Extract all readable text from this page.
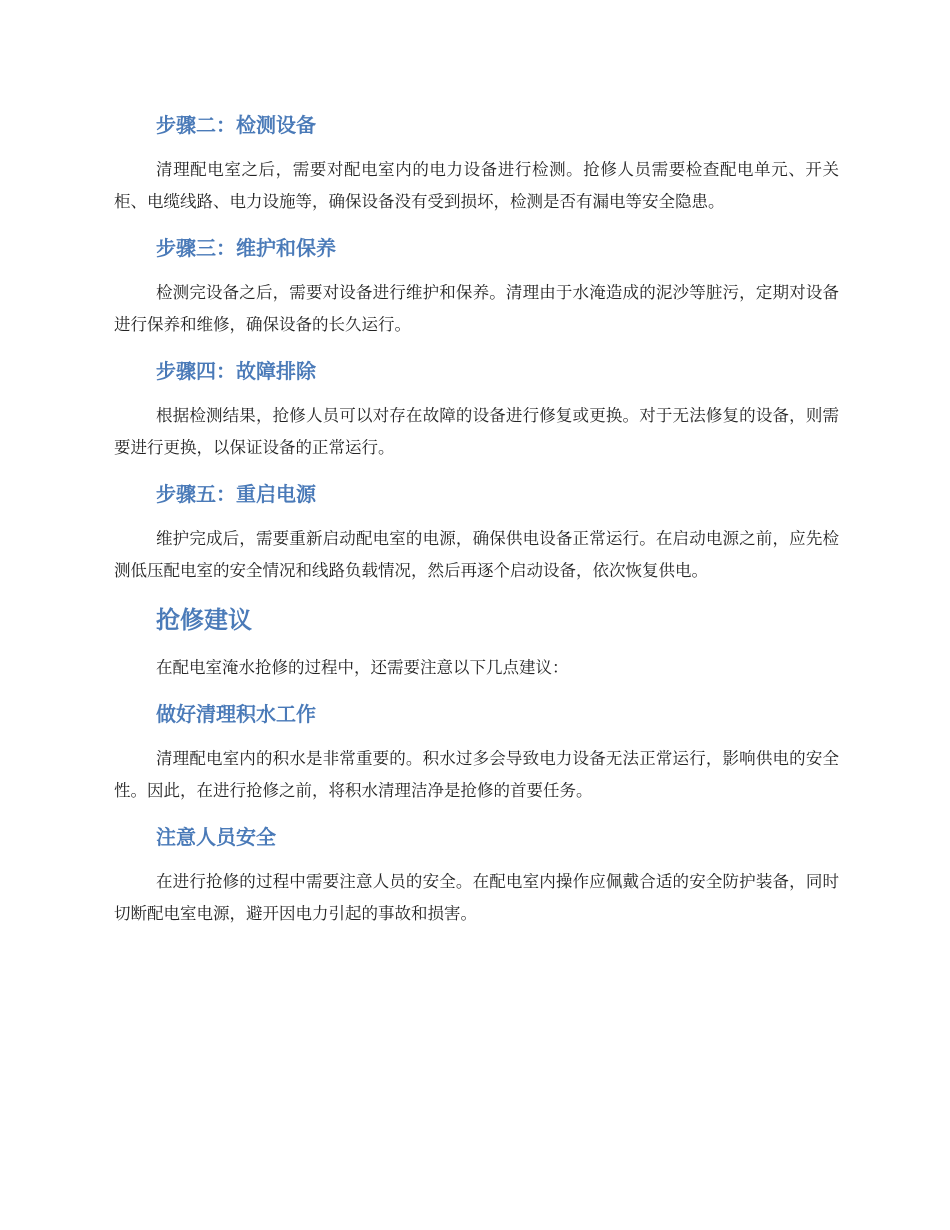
步骤二：检测设备

清理配电室之后，需要对配电室内的电力设备进行检测。抢修人员需要检查配电单元、开关柜、电缆线路、电力设施等，确保设备没有受到损坏，检测是否有漏电等安全隐患。

步骤三：维护和保养

检测完设备之后，需要对设备进行维护和保养。清理由于水淹造成的泥沙等脏污，定期对设备进行保养和维修，确保设备的长久运行。

步骤四：故障排除

根据检测结果，抢修人员可以对存在故障的设备进行修复或更换。对于无法修复的设备，则需要进行更换，以保证设备的正常运行。

步骤五：重启电源

维护完成后，需要重新启动配电室的电源，确保供电设备正常运行。在启动电源之前，应先检测低压配电室的安全情况和线路负载情况，然后再逐个启动设备，依次恢复供电。

抢修建议

在配电室淹水抢修的过程中，还需要注意以下几点建议：

做好清理积水工作

清理配电室内的积水是非常重要的。积水过多会导致电力设备无法正常运行，影响供电的安全性。因此，在进行抢修之前，将积水清理洁净是抢修的首要任务。

注意人员安全

在进行抢修的过程中需要注意人员的安全。在配电室内操作应佩戴合适的安全防护装备，同时切断配电室电源，避开因电力引起的事故和损害。
